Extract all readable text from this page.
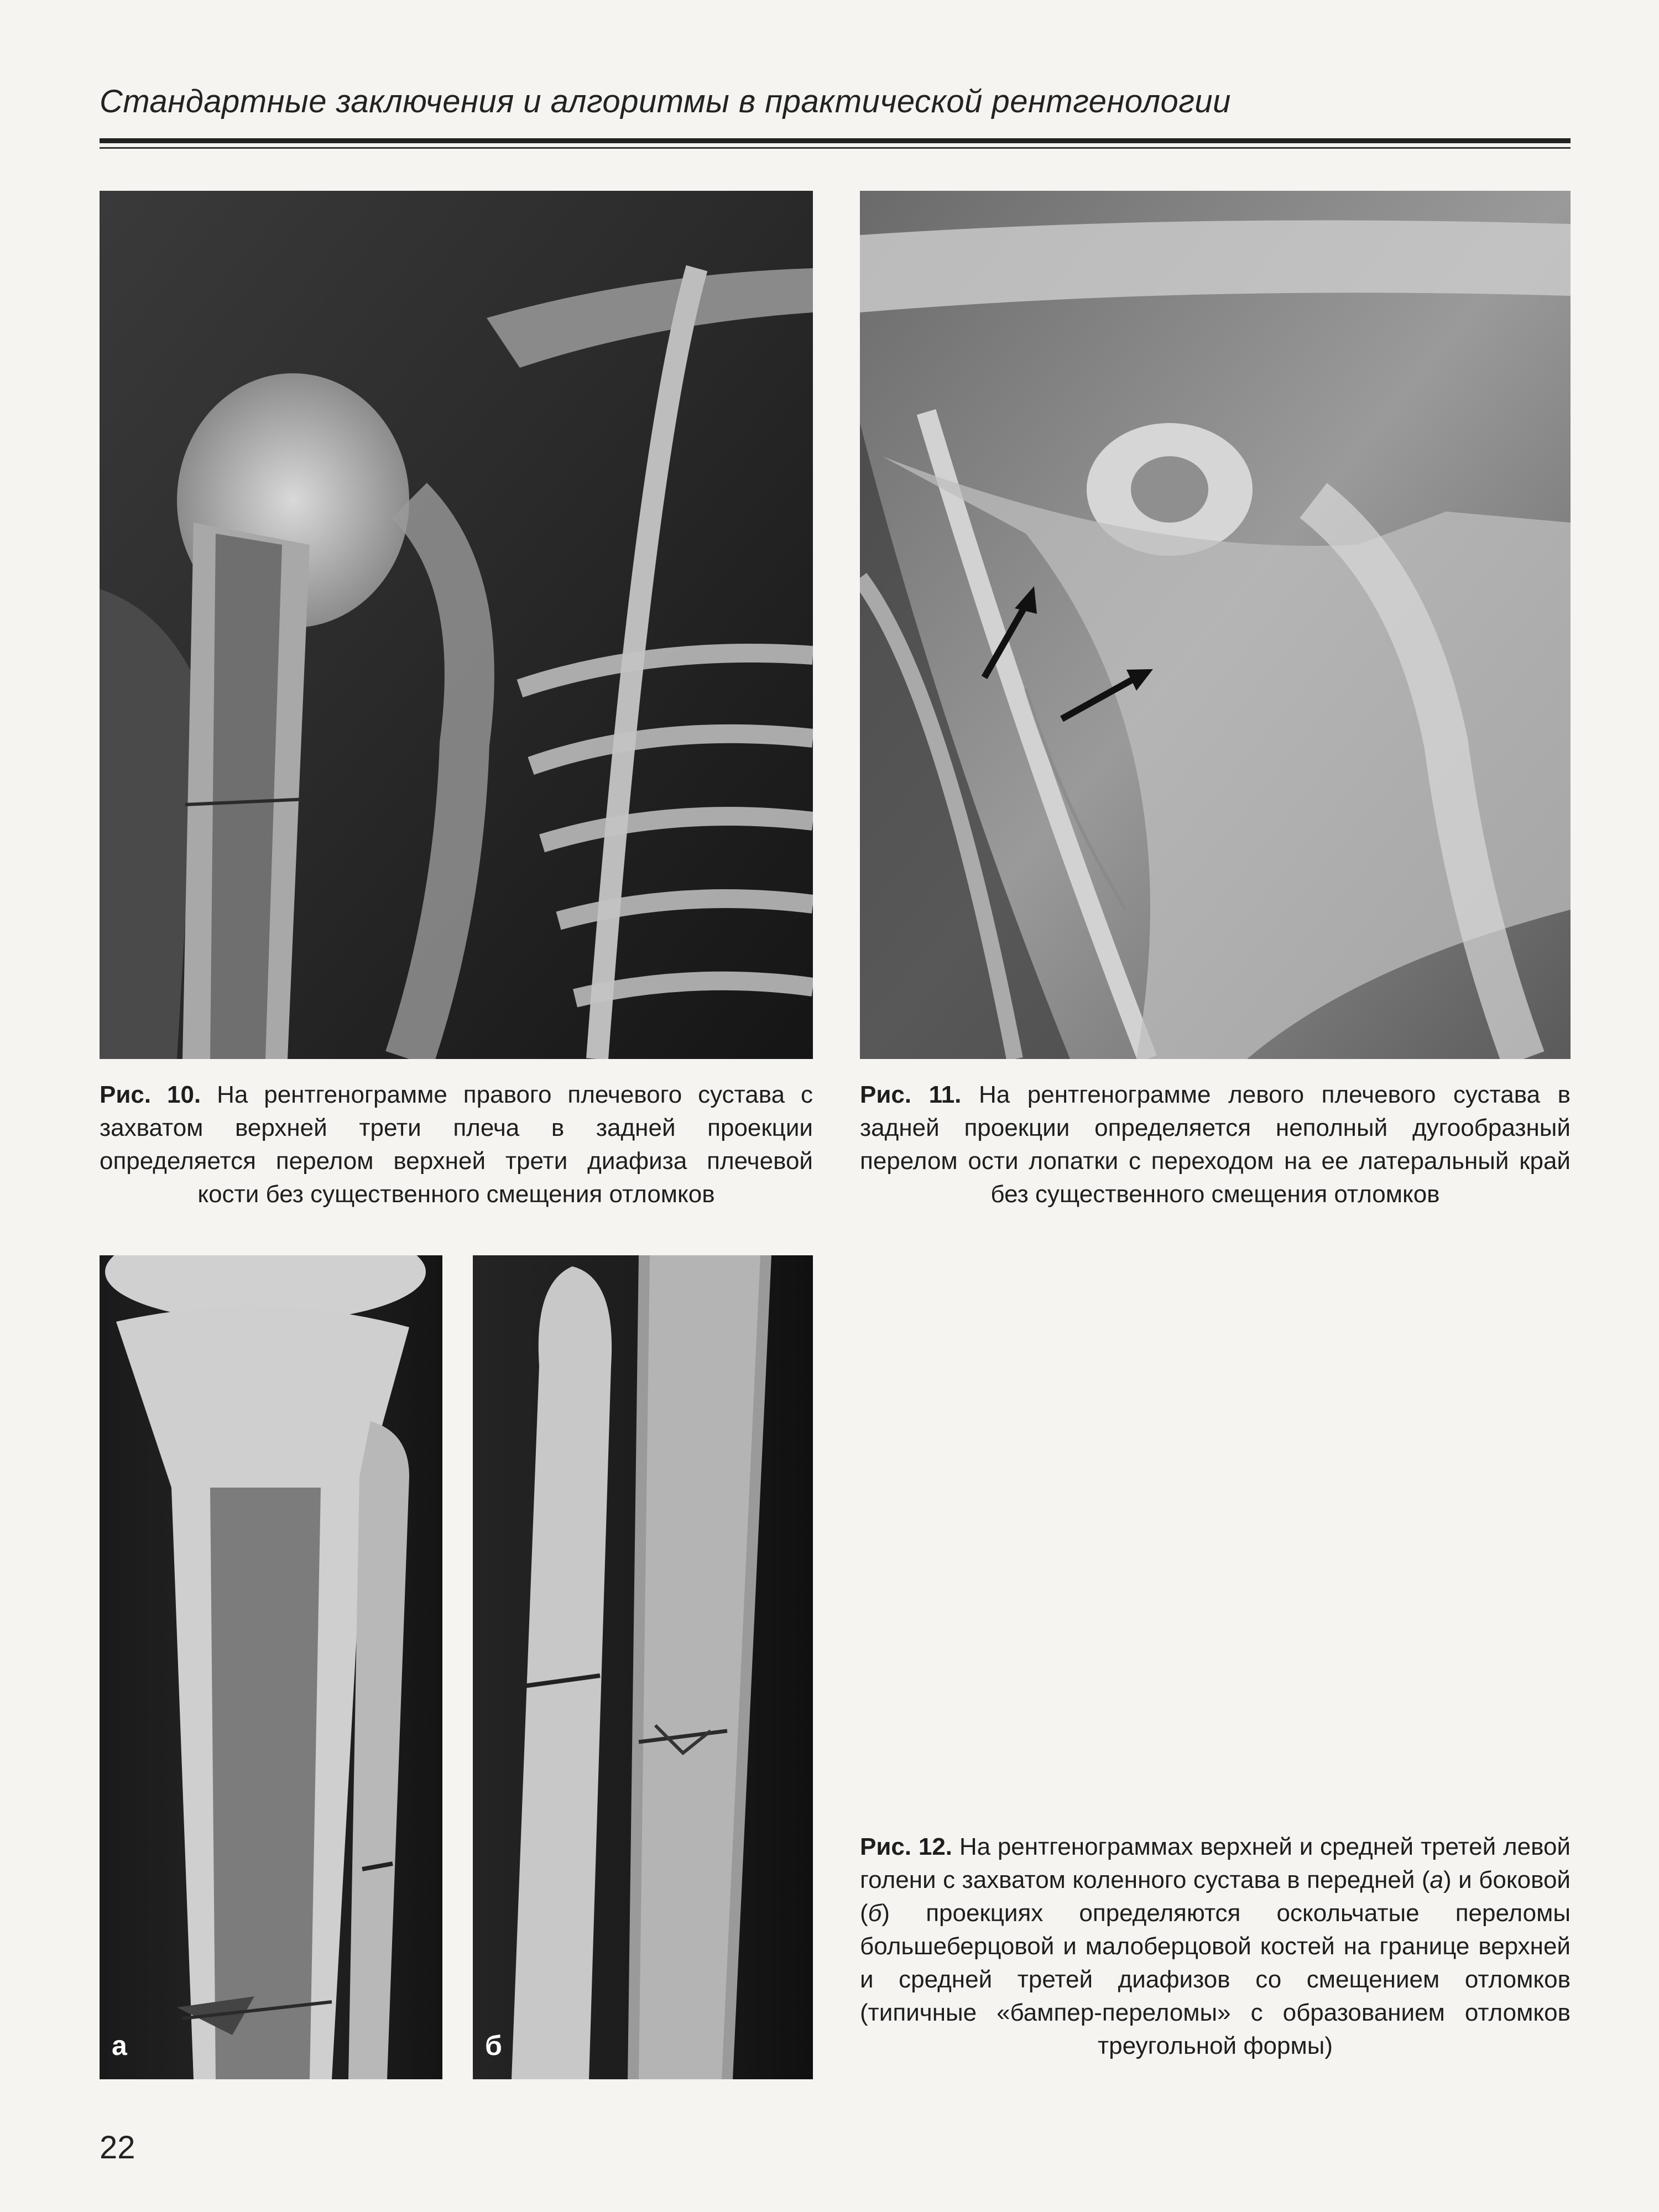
Стандартные заключения и алгоритмы в практической рентгенологии
Рис. 10. На рентгенограмме правого плечевого сустава с захватом верхней трети плеча в задней проекции определяется перелом верхней трети диафиза плечевой кости без существенного смещения отломков
Рис. 11. На рентгенограмме левого плечевого сустава в задней проекции определяется неполный дугообразный перелом ости лопатки с переходом на ее латеральный край без существенного смещения отломков
а	б
Рис. 12. На рентгенограммах верхней и средней третей левой голени с захватом коленного сустава в передней (а) и боковой (б) проекциях определяются оскольчатые переломы большеберцовой и малоберцовой костей на границе верхней и средней третей диафизов со смещением отломков (типичные «бампер-переломы» с образованием отломков треугольной формы)
22
